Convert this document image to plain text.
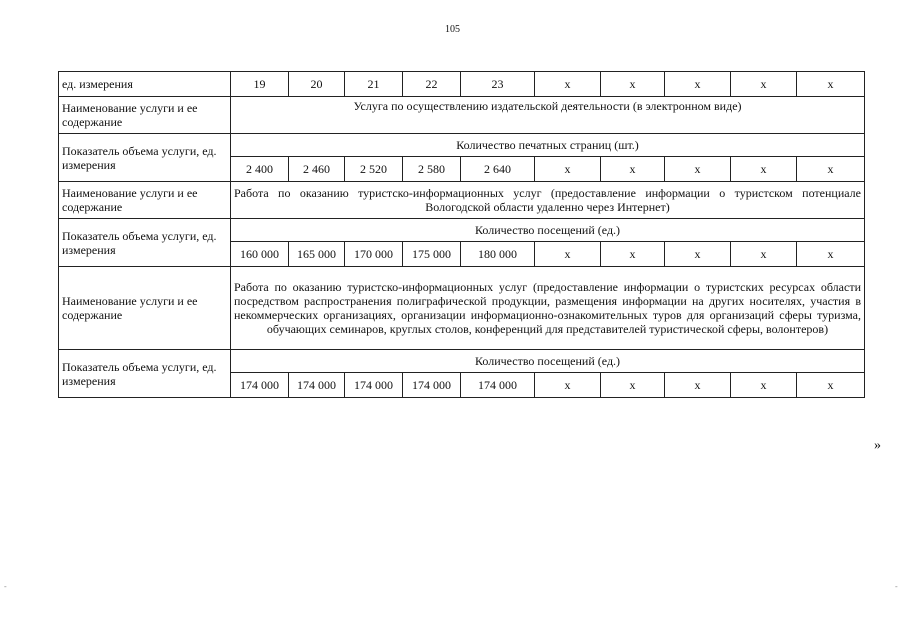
105
ед. измерения	19	20	21	22	23	x	x	x	x	x
Наименование услуги и ее содержание	Услуга по осуществлению издательской деятельности (в электронном виде)									
Показатель объема услуги, ед. измерения	Количество печатных страниц (шт.)									
	2 400	2 460	2 520	2 580	2 640	x	x	x	x	x
Наименование услуги и ее содержание	Работа по оказанию туристско-информационных услуг (предоставление информации о туристском потенциале Вологодской области удаленно через Интернет)									
Показатель объема услуги, ед. измерения	Количество посещений (ед.)									
	160 000	165 000	170 000	175 000	180 000	x	x	x	x	x
Наименование услуги и ее содержание	Работа по оказанию туристско-информационных услуг (предоставление информации о туристских ресурсах области посредством распространения полиграфической продукции, размещения информации на других носителях, участия в некоммерческих организациях, организации информационно-ознакомительных туров для организаций сферы туризма, обучающих семинаров, круглых столов, конференций для представителей туристической сферы, волонтеров)									
Показатель объема услуги, ед. измерения	Количество посещений (ед.)									
	174 000	174 000	174 000	174 000	174 000	x	x	x	x	x
»
-	-
